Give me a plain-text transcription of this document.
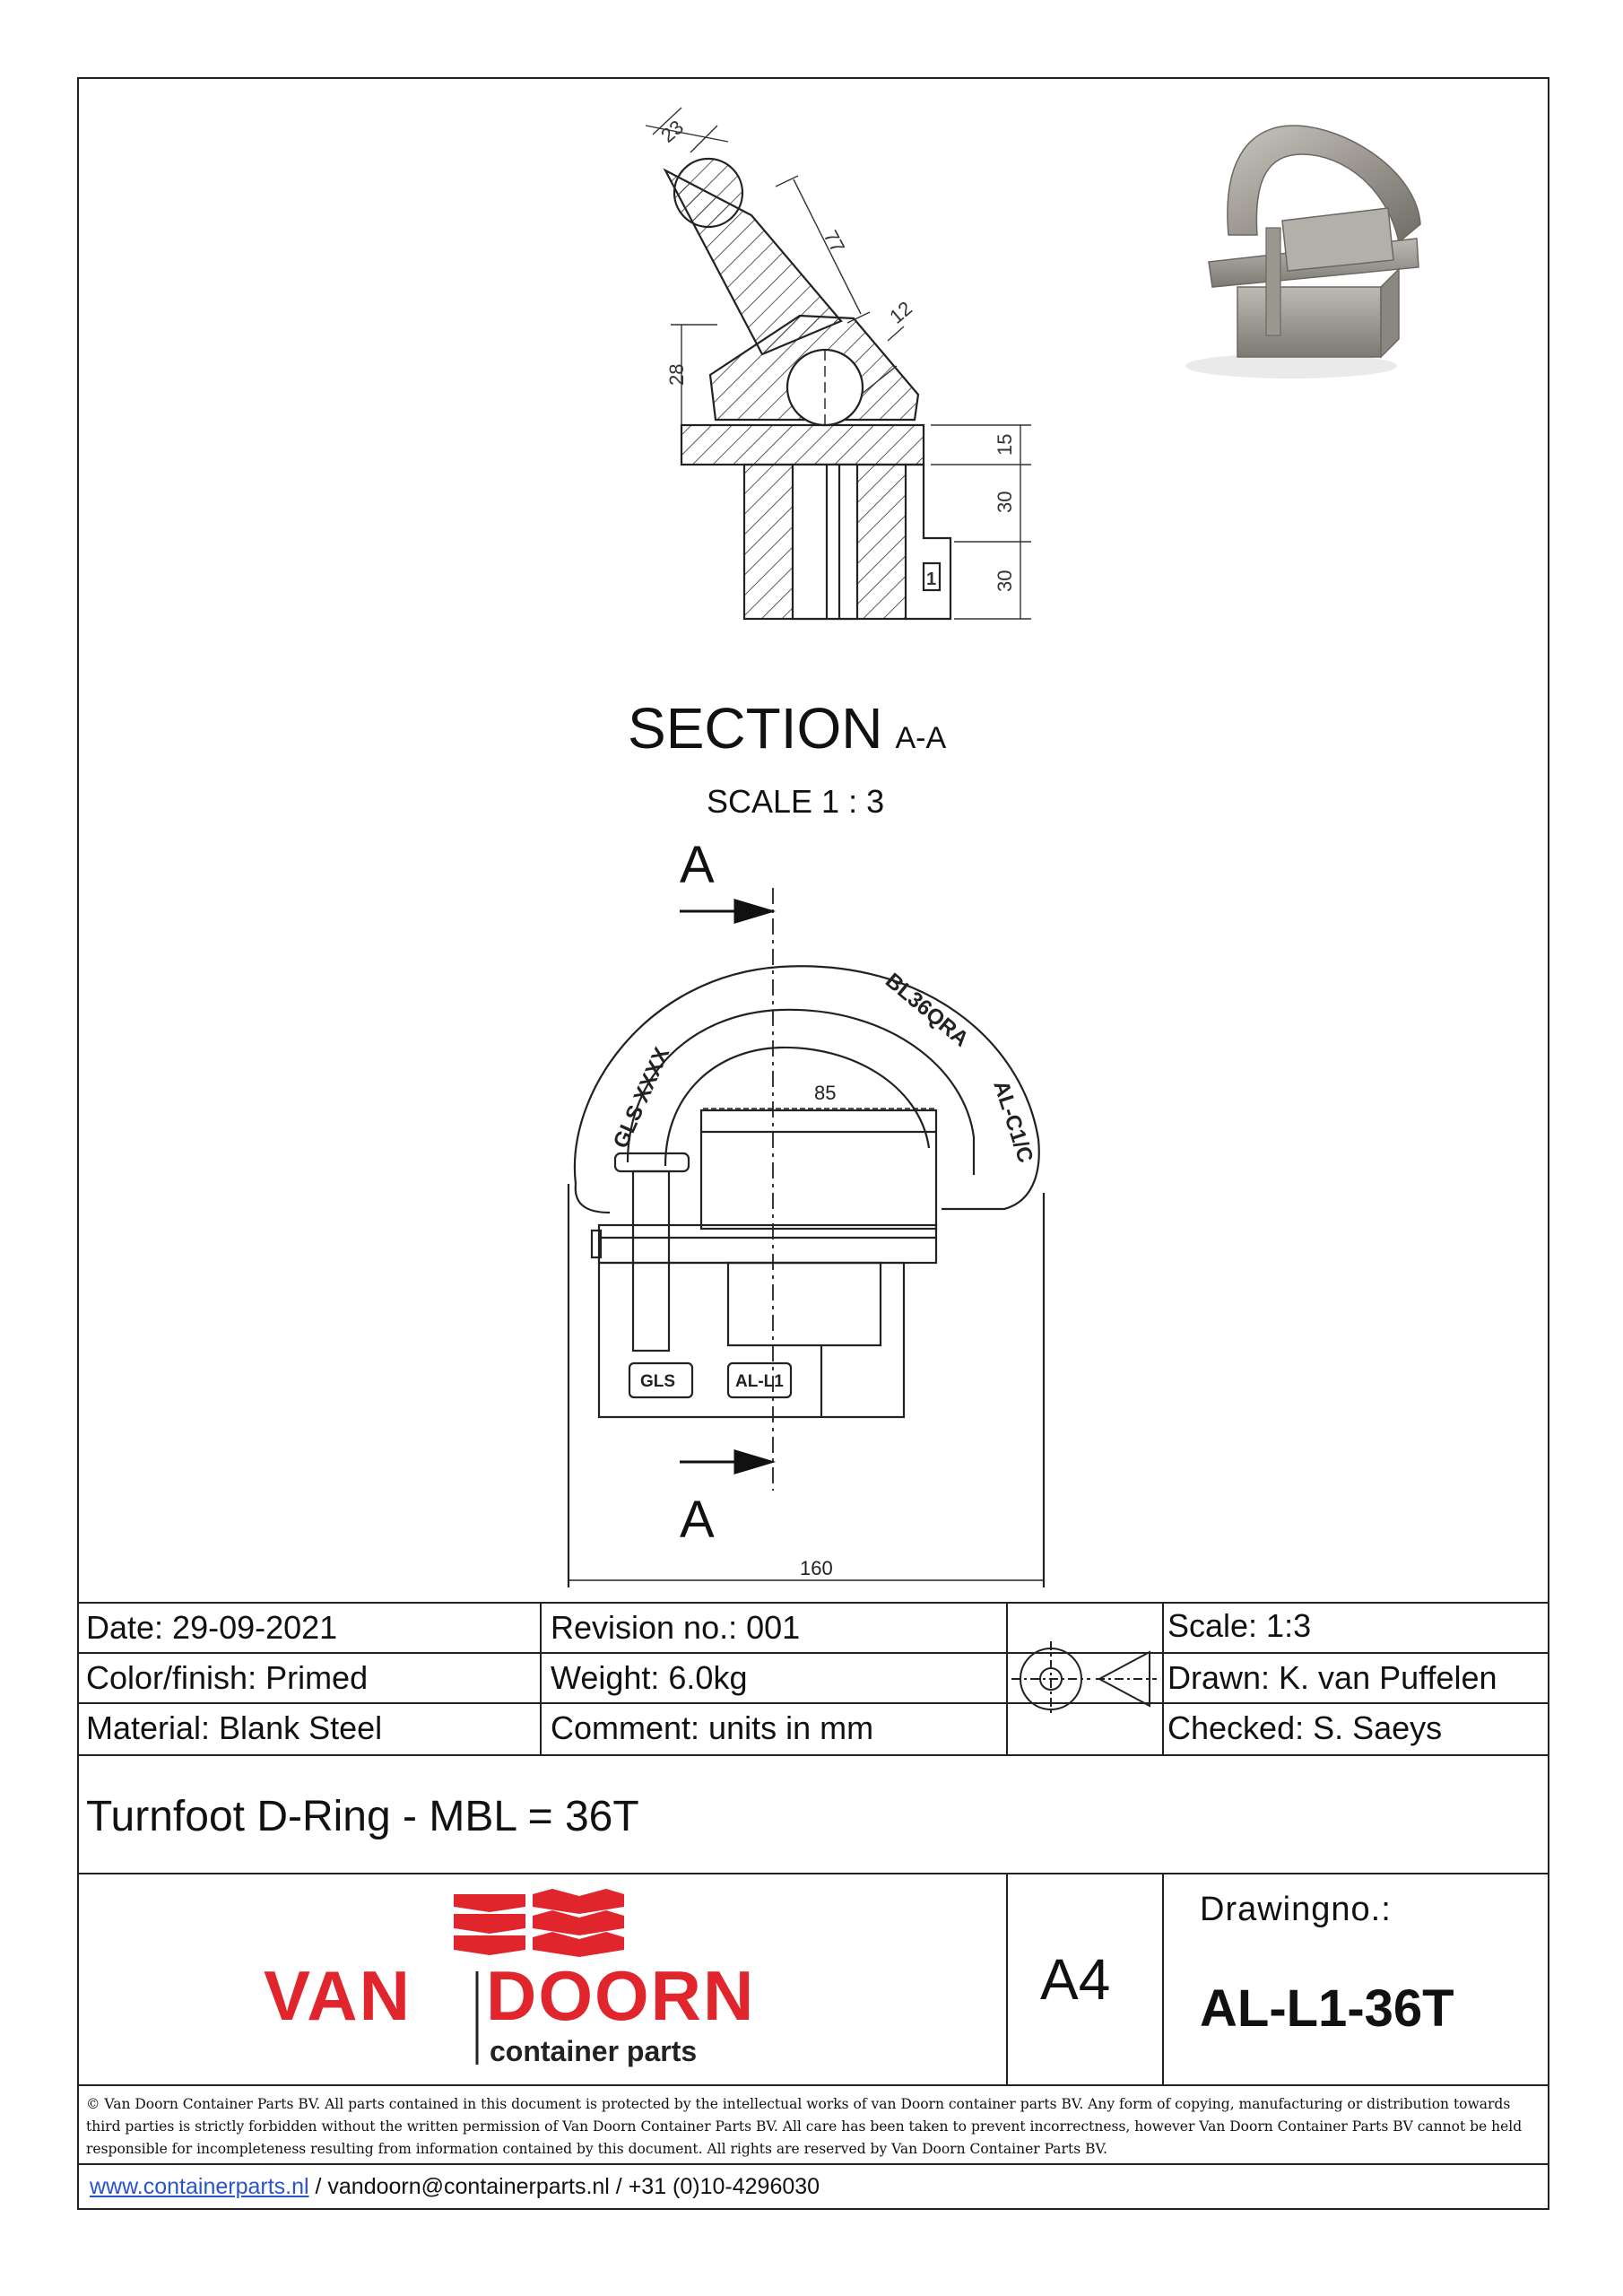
23
77
12
28
15
30
30
1
SECTION A-A
SCALE 1 : 3
A
A
85
160
GLS XXXX	AL-C1/C
BL36QRA
GLS	AL-L1
Date: 29-09-2021	Revision no.: 001	Scale: 1:3
Color/finish: Primed	Weight: 6.0kg	Drawn: K. van Puffelen
Material: Blank Steel	Comment: units in mm	Checked: S. Saeys
Turnfoot D-Ring - MBL = 36T
VAN DOORN
container parts
A4
Drawingno.:
AL-L1-36T
© Van Doorn Container Parts BV. All parts contained in this document is protected by the intellectual works of van Doorn container parts BV. Any form of copying, manufacturing or distribution towards third parties is strictly forbidden without the written permission of Van Doorn Container Parts BV. All care has been taken to prevent incorrectness, however Van Doorn Container Parts BV cannot be held responsible for incompleteness resulting from information contained by this document. All rights are reserved by Van Doorn Container Parts BV.
www.containerparts.nl / vandoorn@containerparts.nl / +31 (0)10-4296030
